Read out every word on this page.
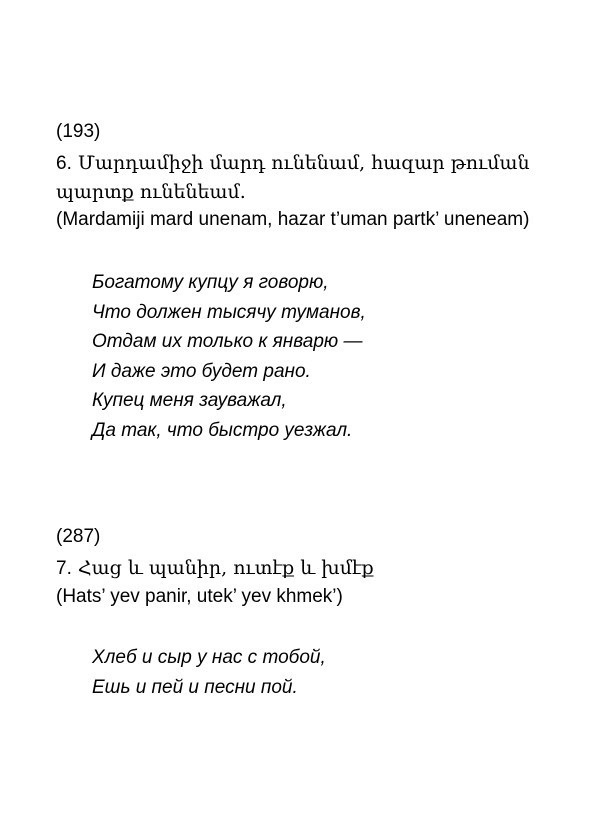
(193)

6. Մարդամիջի մարդ ունենամ, հազար թուման պարտք ունենեամ.

(Mardamiji mard unenam, hazar t’uman partk’ uneneam)

Богатому купцу я говорю,
Что должен тысячу туманов,
Отдам их только к январю —
И даже это будет рано.
Купец меня зауважал,
Да так, что быстро уезжал.
(287)

7. Հաց և պանիր, ուտէք և խմէք

(Hats’ yev panir, utek’ yev khmek’)

Хлеб и сыр у нас с тобой,
Ешь и пей и песни пой.
